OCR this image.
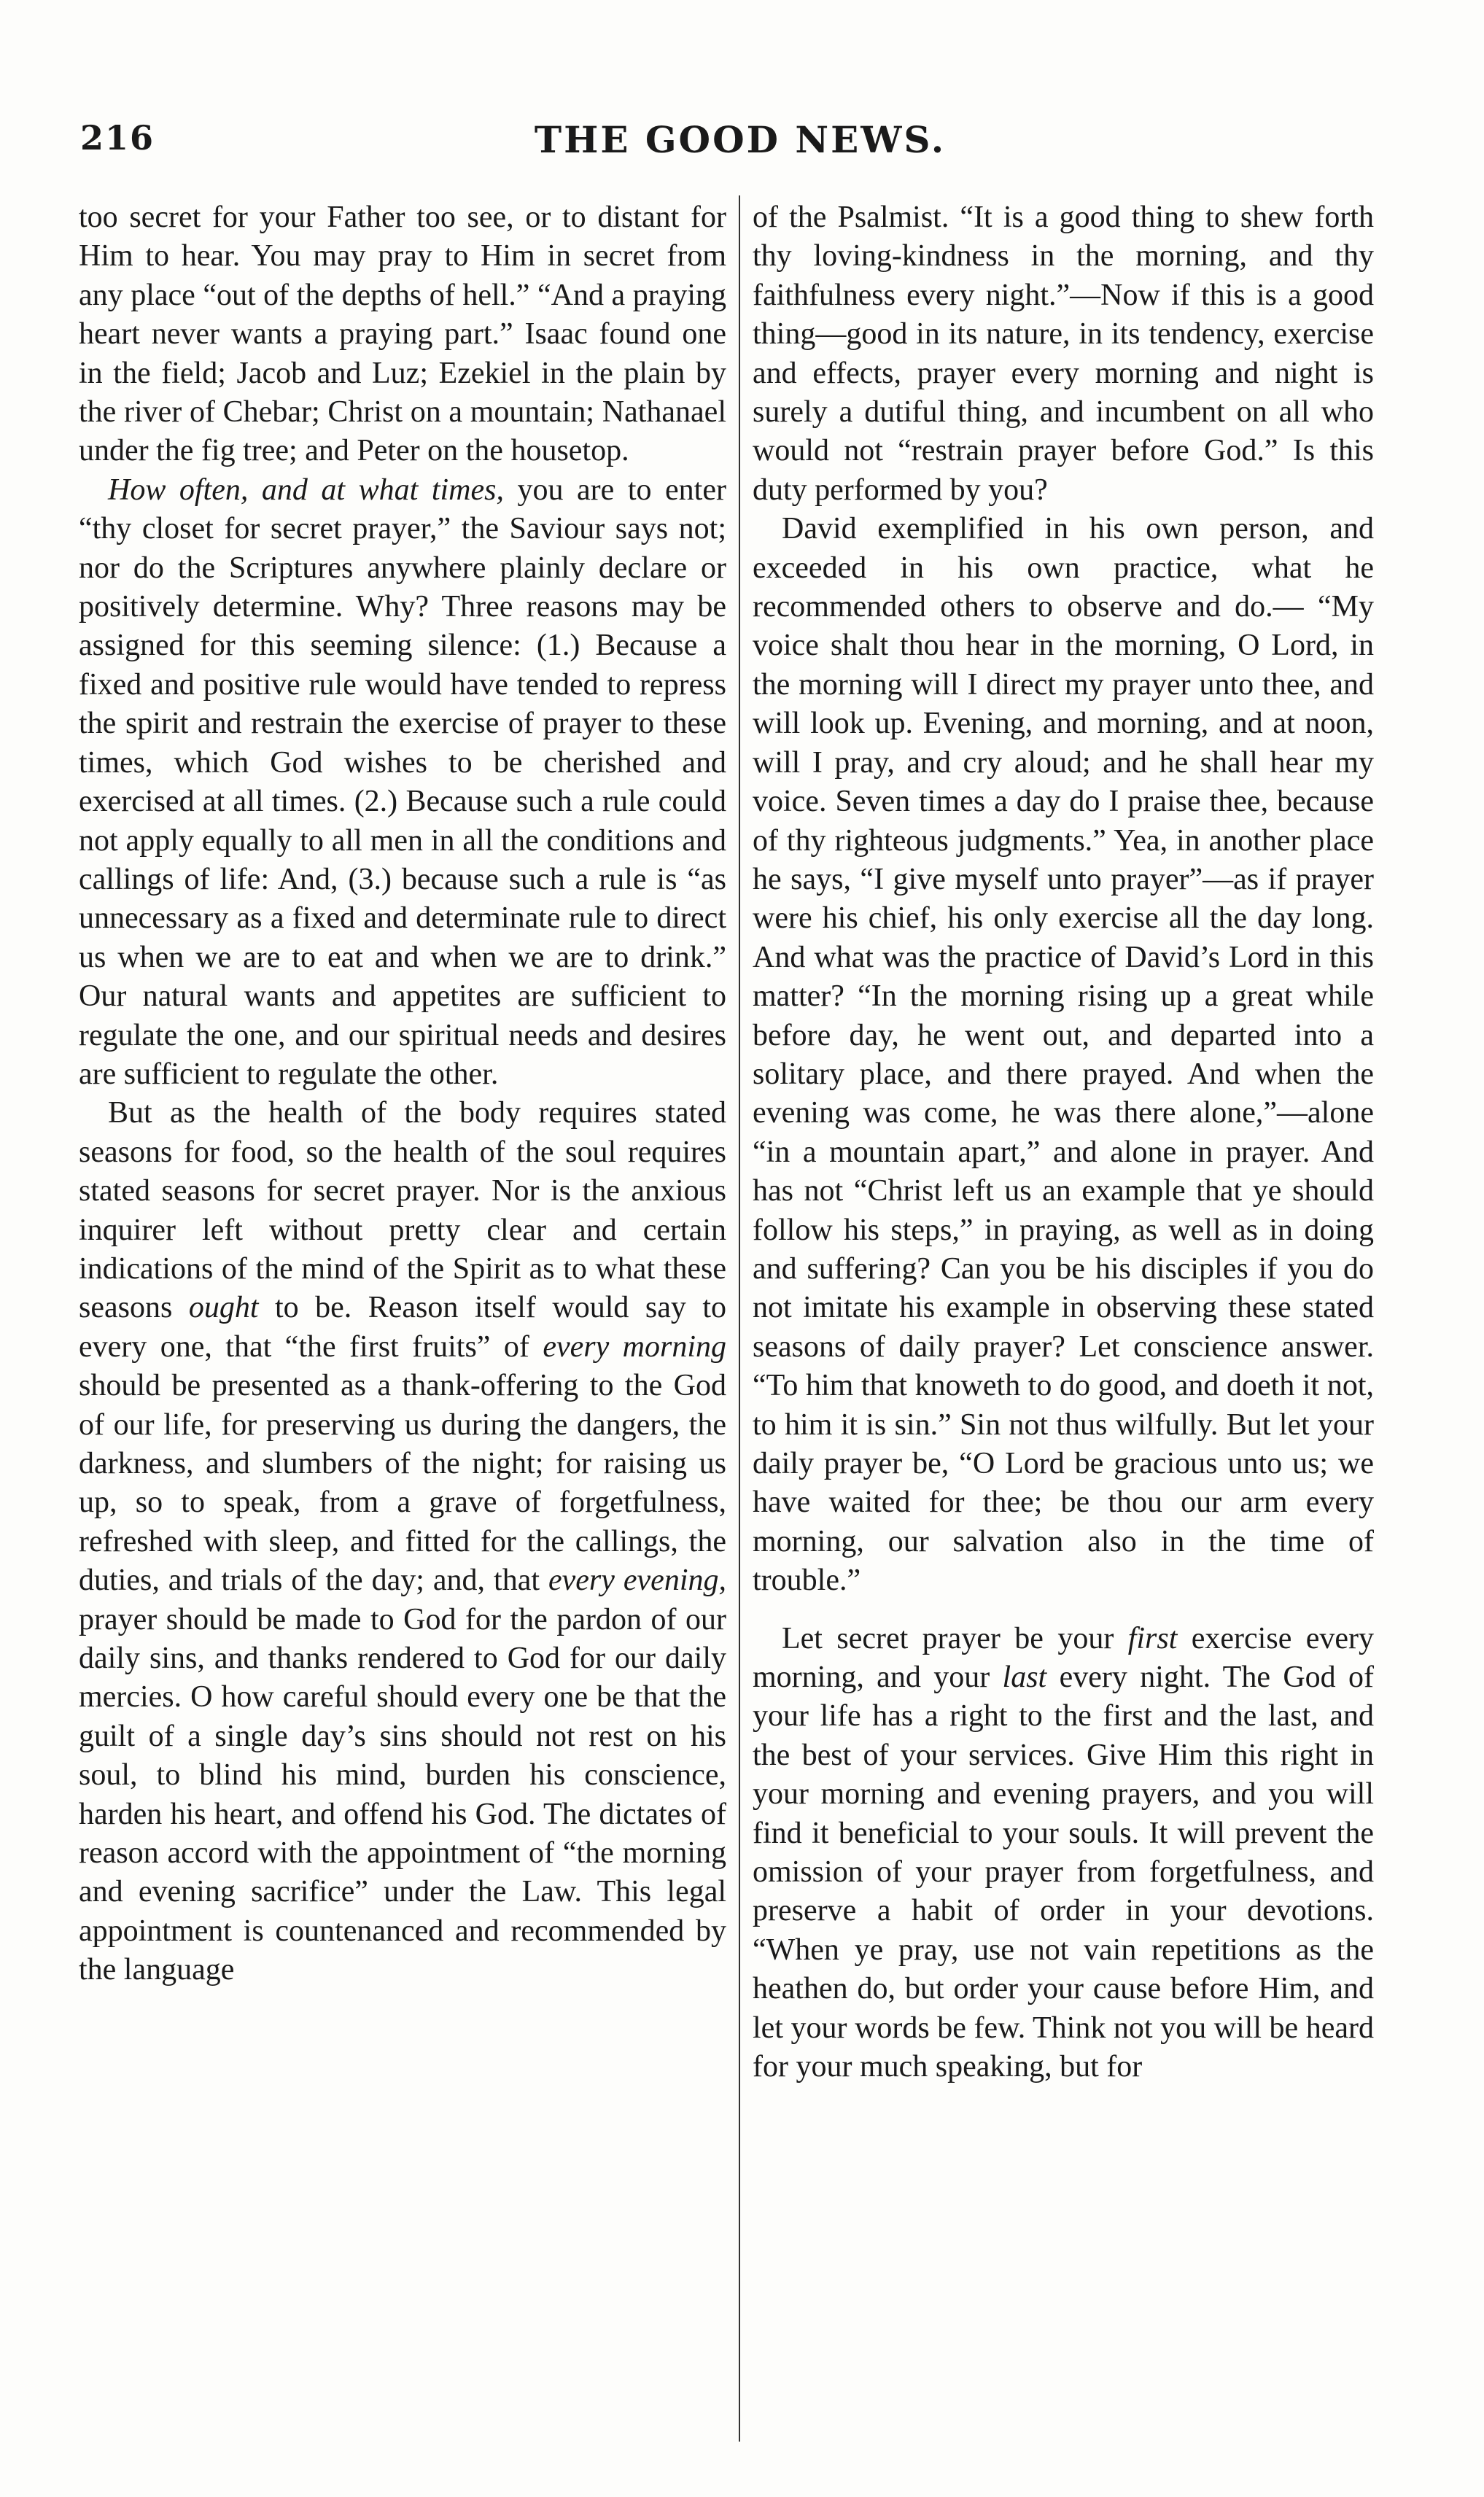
216	THE GOOD NEWS.

too secret for your Father too see, or to distant for Him to hear. You may pray to Him in secret from any place “out of the depths of hell.” “And a praying heart never wants a praying part.” Isaac found one in the field; Jacob and Luz; Ezekiel in the plain by the river of Chebar; Christ on a mountain; Nathanael under the fig tree; and Peter on the housetop.

How often, and at what times, you are to enter “thy closet for secret prayer,” the Saviour says not; nor do the Scriptures anywhere plainly declare or positively determine. Why? Three reasons may be assigned for this seeming silence: (1.) Because a fixed and positive rule would have tended to repress the spirit and restrain the exercise of prayer to these times, which God wishes to be cherished and exercised at all times. (2.) Because such a rule could not apply equally to all men in all the conditions and callings of life: And, (3.) because such a rule is “as unnecessary as a fixed and determinate rule to direct us when we are to eat and when we are to drink.” Our natural wants and appetites are sufficient to regulate the one, and our spiritual needs and desires are sufficient to regulate the other.

But as the health of the body requires stated seasons for food, so the health of the soul requires stated seasons for secret prayer. Nor is the anxious inquirer left without pretty clear and certain indications of the mind of the Spirit as to what these seasons ought to be. Reason itself would say to every one, that “the first fruits” of every morning should be presented as a thank-offering to the God of our life, for preserving us during the dangers, the darkness, and slumbers of the night; for raising us up, so to speak, from a grave of forgetfulness, refreshed with sleep, and fitted for the callings, the duties, and trials of the day; and, that every evening, prayer should be made to God for the pardon of our daily sins, and thanks rendered to God for our daily mercies. O how careful should every one be that the guilt of a single day’s sins should not rest on his soul, to blind his mind, burden his conscience, harden his heart, and offend his God. The dictates of reason accord with the appointment of “the morning and evening sacrifice” under the Law. This legal appointment is countenanced and recommended by the language

of the Psalmist. “It is a good thing to shew forth thy loving-kindness in the morning, and thy faithfulness every night.”—Now if this is a good thing—good in its nature, in its tendency, exercise and effects, prayer every morning and night is surely a dutiful thing, and incumbent on all who would not “restrain prayer before God.” Is this duty performed by you?

David exemplified in his own person, and exceeded in his own practice, what he recommended others to observe and do.— “My voice shalt thou hear in the morning, O Lord, in the morning will I direct my prayer unto thee, and will look up. Evening, and morning, and at noon, will I pray, and cry aloud; and he shall hear my voice. Seven times a day do I praise thee, because of thy righteous judgments.” Yea, in another place he says, “I give myself unto prayer”—as if prayer were his chief, his only exercise all the day long. And what was the practice of David’s Lord in this matter? “In the morning rising up a great while before day, he went out, and departed into a solitary place, and there prayed. And when the evening was come, he was there alone,”—alone “in a mountain apart,” and alone in prayer. And has not “Christ left us an example that ye should follow his steps,” in praying, as well as in doing and suffering? Can you be his disciples if you do not imitate his example in observing these stated seasons of daily prayer? Let conscience answer. “To him that knoweth to do good, and doeth it not, to him it is sin.” Sin not thus wilfully. But let your daily prayer be, “O Lord be gracious unto us; we have waited for thee; be thou our arm every morning, our salvation also in the time of trouble.”

Let secret prayer be your first exercise every morning, and your last every night. The God of your life has a right to the first and the last, and the best of your services. Give Him this right in your morning and evening prayers, and you will find it beneficial to your souls. It will prevent the omission of your prayer from forgetfulness, and preserve a habit of order in your devotions. “When ye pray, use not vain repetitions as the heathen do, but order your cause before Him, and let your words be few. Think not you will be heard for your much speaking, but for
